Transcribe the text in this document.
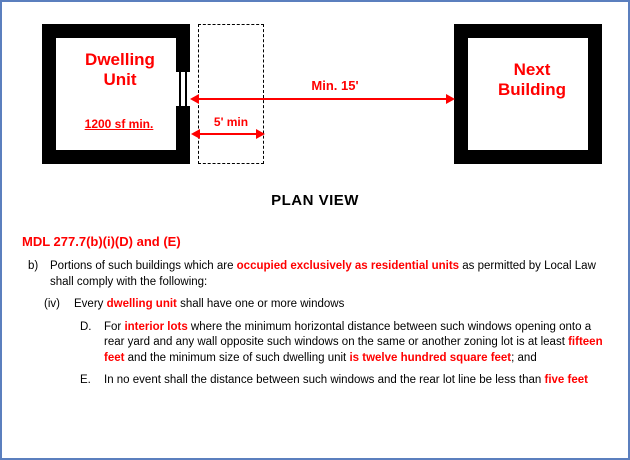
Dwelling
Unit
Next
Building
1200 sf min.
Min. 15'
5' min
PLAN VIEW
MDL 277.7(b)(i)(D) and (E)
b)	Portions of such buildings which are occupied exclusively as residential units as permitted by Local Law shall comply with the following:
(iv)	Every dwelling unit shall have one or more windows
D.	For interior lots where the minimum horizontal distance between such windows opening onto a rear yard and any wall opposite such windows on the same or another zoning lot is at least fifteen feet and the minimum size of such dwelling unit is twelve hundred square feet; and
E.	In no event shall the distance between such windows and the rear lot line be less than five feet
